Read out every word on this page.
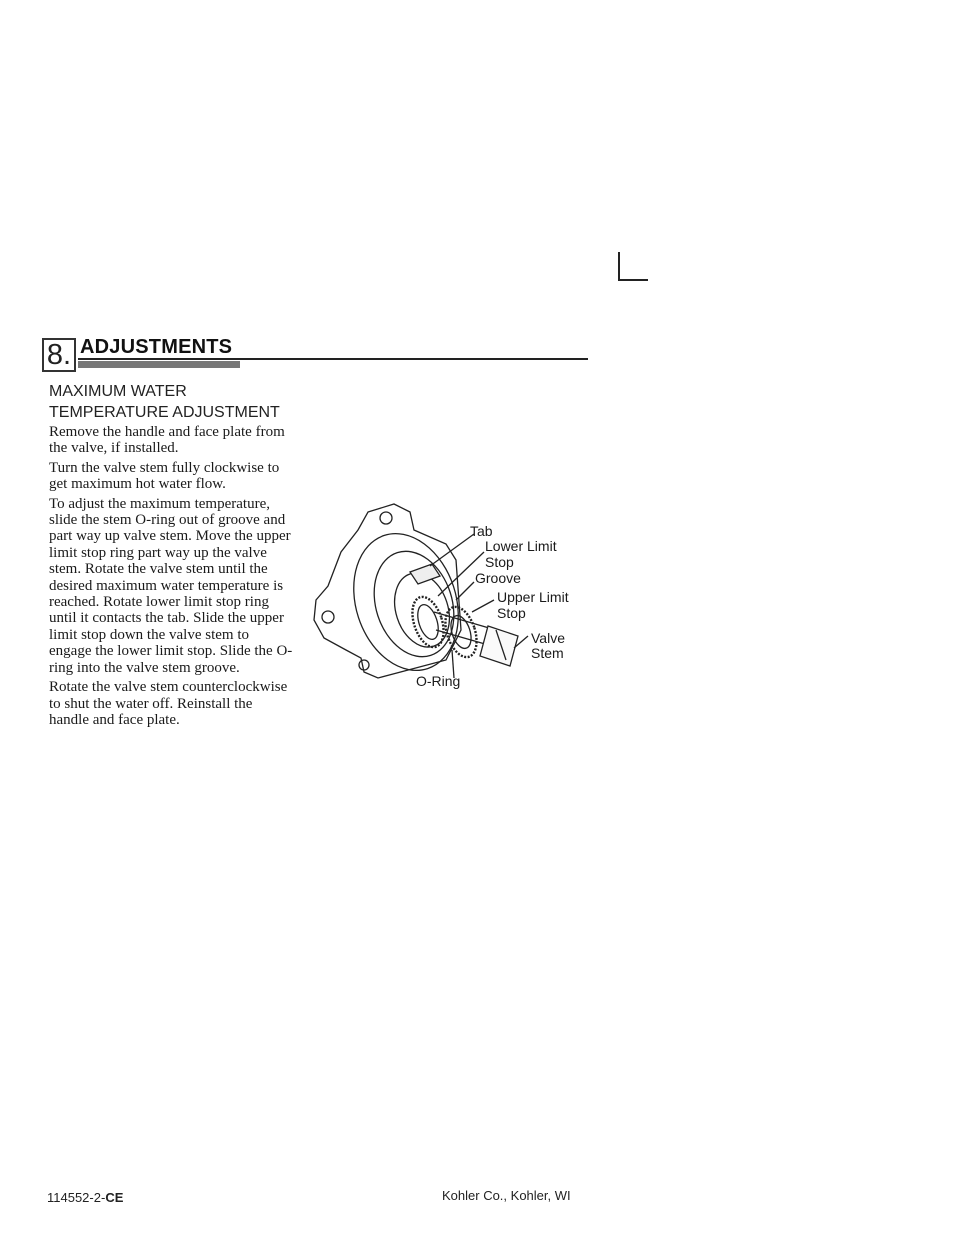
8. ADJUSTMENTS
MAXIMUM WATER
TEMPERATURE ADJUSTMENT

Remove the handle and face plate from the valve, if installed.

Turn the valve stem fully clockwise to get maximum hot water flow.

To adjust the maximum temperature, slide the stem O-ring out of groove and part way up valve stem. Move the upper limit stop ring part way up the valve stem. Rotate the valve stem until the desired maximum water temperature is reached. Rotate lower limit stop ring until it contacts the tab. Slide the upper limit stop down the valve stem to engage the lower limit stop. Slide the O-ring into the valve stem groove.

Rotate the valve stem counterclockwise to shut the water off. Reinstall the handle and face plate.

Tab
Lower Limit
Stop
Groove
Upper Limit
Stop
Valve
Stem
O-Ring
114552-2-CE	Kohler Co., Kohler, WI
